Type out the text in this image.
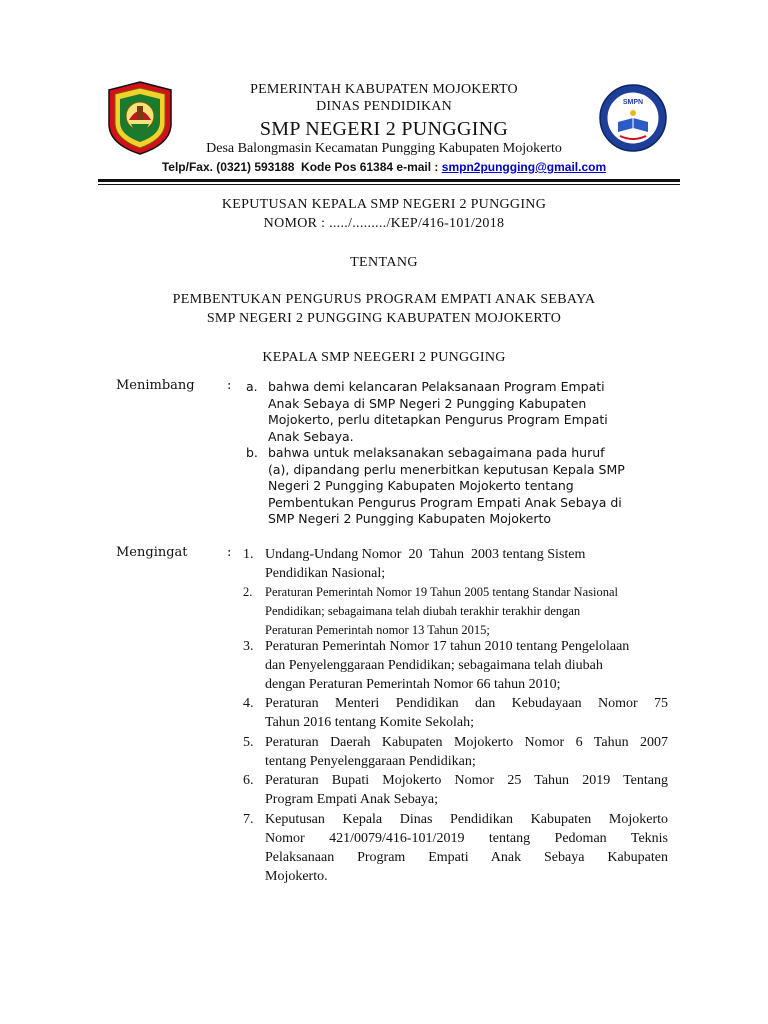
SMPN
PEMERINTAH KABUPATEN MOJOKERTO
DINAS PENDIDIKAN
SMP NEGERI 2 PUNGGING
Desa Balongmasin Kecamatan Pungging Kabupaten Mojokerto
Telp/Fax. (0321) 593188  Kode Pos 61384 e-mail : smpn2pungging@gmail.com
KEPUTUSAN KEPALA SMP NEGERI 2 PUNGGING
NOMOR : ...../........./KEP/416-101/2018
TENTANG
PEMBENTUKAN PENGURUS PROGRAM EMPATI ANAK SEBAYA
SMP NEGERI 2 PUNGGING KABUPATEN MOJOKERTO
KEPALA SMP NEEGERI 2 PUNGGING
Menimbang : a. bahwa demi kelancaran Pelaksanaan Program Empati
Anak Sebaya di SMP Negeri 2 Pungging Kabupaten
Mojokerto, perlu ditetapkan Pengurus Program Empati
Anak Sebaya.
b. bahwa untuk melaksanakan sebagaimana pada huruf
(a), dipandang perlu menerbitkan keputusan Kepala SMP
Negeri 2 Pungging Kabupaten Mojokerto tentang
Pembentukan Pengurus Program Empati Anak Sebaya di
SMP Negeri 2 Pungging Kabupaten Mojokerto
Mengingat	: 1. Undang-Undang Nomor  20  Tahun  2003 tentang Sistem
Pendidikan Nasional;
2. Peraturan Pemerintah Nomor 19 Tahun 2005 tentang Standar Nasional
Pendidikan; sebagaimana telah diubah terakhir terakhir dengan
Peraturan Pemerintah nomor 13 Tahun 2015;
3. Peraturan Pemerintah Nomor 17 tahun 2010 tentang Pengelolaan
dan Penyelenggaraan Pendidikan; sebagaimana telah diubah
dengan Peraturan Pemerintah Nomor 66 tahun 2010;
4. Peraturan Menteri Pendidikan dan Kebudayaan Nomor 75
Tahun 2016 tentang Komite Sekolah;
5. Peraturan Daerah Kabupaten Mojokerto Nomor 6 Tahun 2007
tentang Penyelenggaraan Pendidikan;
6. Peraturan Bupati Mojokerto Nomor 25 Tahun 2019 Tentang
Program Empati Anak Sebaya;
7. Keputusan Kepala Dinas Pendidikan Kabupaten Mojokerto
Nomor 421/0079/416-101/2019 tentang Pedoman Teknis
Pelaksanaan Program Empati Anak Sebaya Kabupaten
Mojokerto.
